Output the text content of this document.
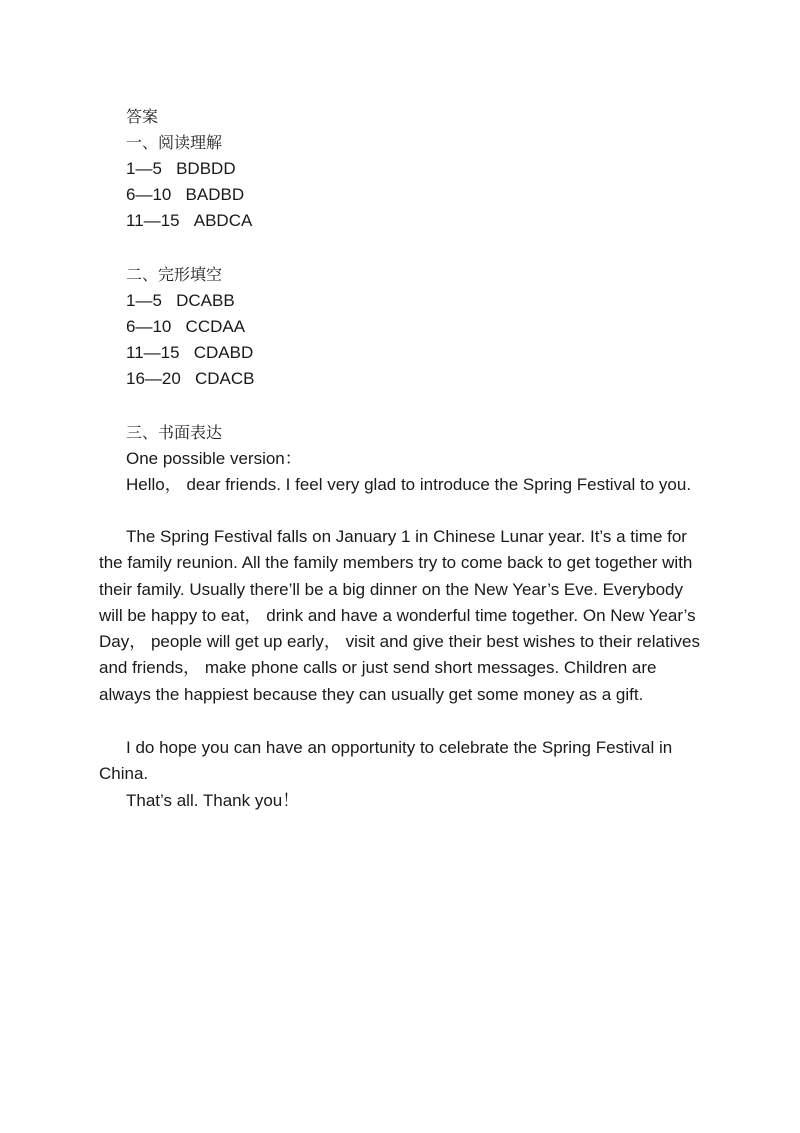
答案
一、阅读理解
1—5 BDBDD
6—10 BADBD
11—15 ABDCA
二、完形填空
1—5 DCABB
6—10 CCDAA
11—15 CDABD
16—20 CDACB
三、书面表达
One possible version：

Hello， dear friends. I feel very glad to introduce the Spring Festival to you.

The Spring Festival falls on January 1 in Chinese Lunar year. It’s a time for the family reunion. All the family members try to come back to get together with their family. Usually there’ll be a big dinner on the New Year’s Eve. Everybody will be happy to eat， drink and have a wonderful time together. On New Year’s Day， people will get up early， visit and give their best wishes to their relatives and friends， make phone calls or just send short messages. Children are always the happiest because they can usually get some money as a gift.

I do hope you can have an opportunity to celebrate the Spring Festival in China.

That’s all. Thank you！
